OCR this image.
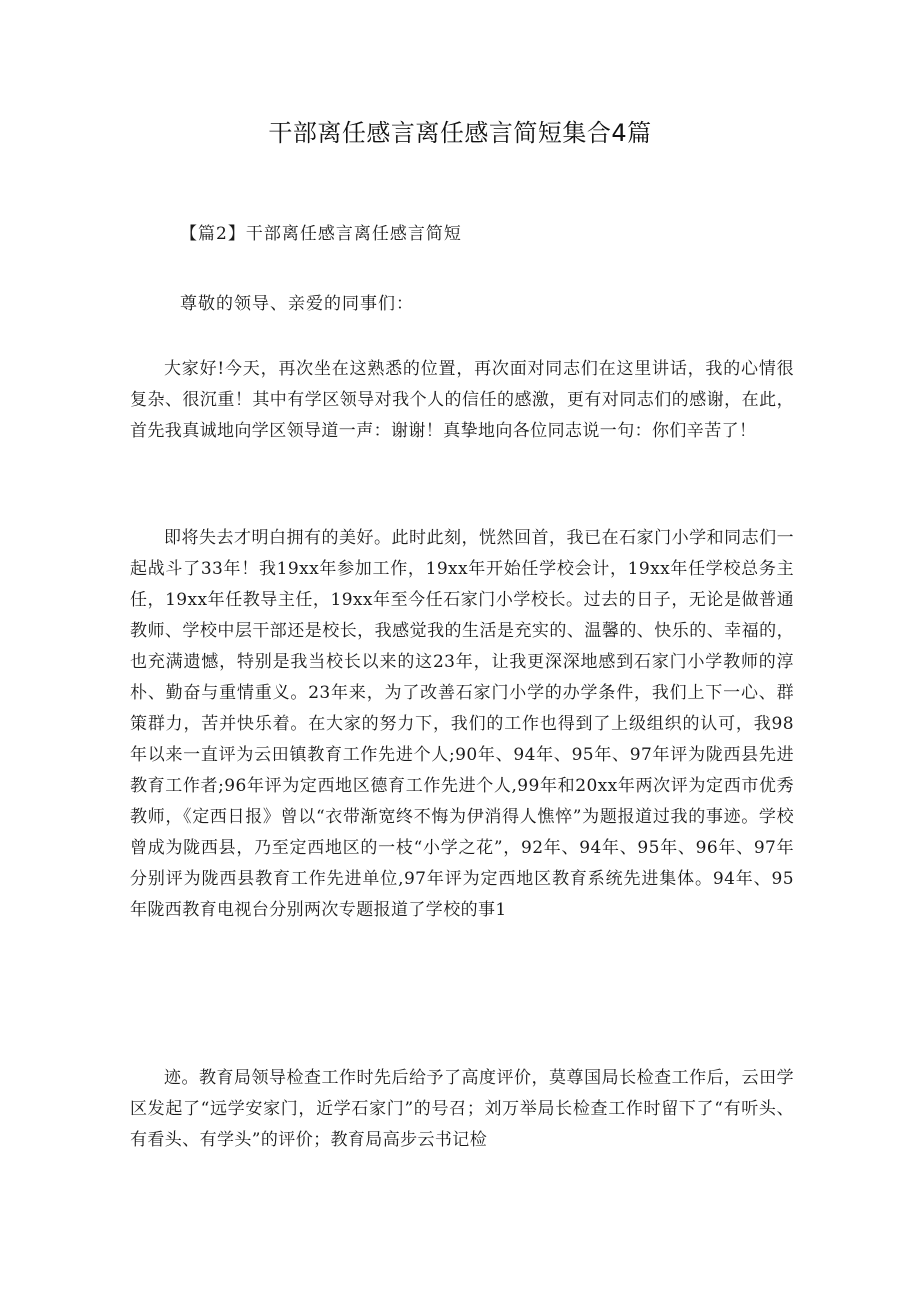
干部离任感言离任感言简短集合4篇
【篇2】干部离任感言离任感言简短
尊敬的领导、亲爱的同事们：

大家好!今天，再次坐在这熟悉的位置，再次面对同志们在这里讲话，我的心情很复杂、很沉重！其中有学区领导对我个人的信任的感激，更有对同志们的感谢，在此，首先我真诚地向学区领导道一声：谢谢！真挚地向各位同志说一句：你们辛苦了！

即将失去才明白拥有的美好。此时此刻，恍然回首，我已在石家门小学和同志们一起战斗了33年！我19xx年参加工作，19xx年开始任学校会计，19xx年任学校总务主任，19xx年任教导主任，19xx年至今任石家门小学校长。过去的日子，无论是做普通教师、学校中层干部还是校长，我感觉我的生活是充实的、温馨的、快乐的、幸福的，也充满遗憾，特别是我当校长以来的这23年，让我更深深地感到石家门小学教师的淳朴、勤奋与重情重义。23年来，为了改善石家门小学的办学条件，我们上下一心、群策群力，苦并快乐着。在大家的努力下，我们的工作也得到了上级组织的认可，我98年以来一直评为云田镇教育工作先进个人;90年、94年、95年、97年评为陇西县先进教育工作者;96年评为定西地区德育工作先进个人,99年和20xx年两次评为定西市优秀教师，《定西日报》曾以“衣带渐宽终不悔为伊消得人憔悴”为题报道过我的事迹。学校曾成为陇西县，乃至定西地区的一枝“小学之花”，92年、94年、95年、96年、97年分别评为陇西县教育工作先进单位,97年评为定西地区教育系统先进集体。94年、95年陇西教育电视台分别两次专题报道了学校的事1

迹。教育局领导检查工作时先后给予了高度评价，莫尊国局长检查工作后，云田学区发起了“远学安家门，近学石家门”的号召；刘万举局长检查工作时留下了“有听头、有看头、有学头”的评价；教育局高步云书记检
